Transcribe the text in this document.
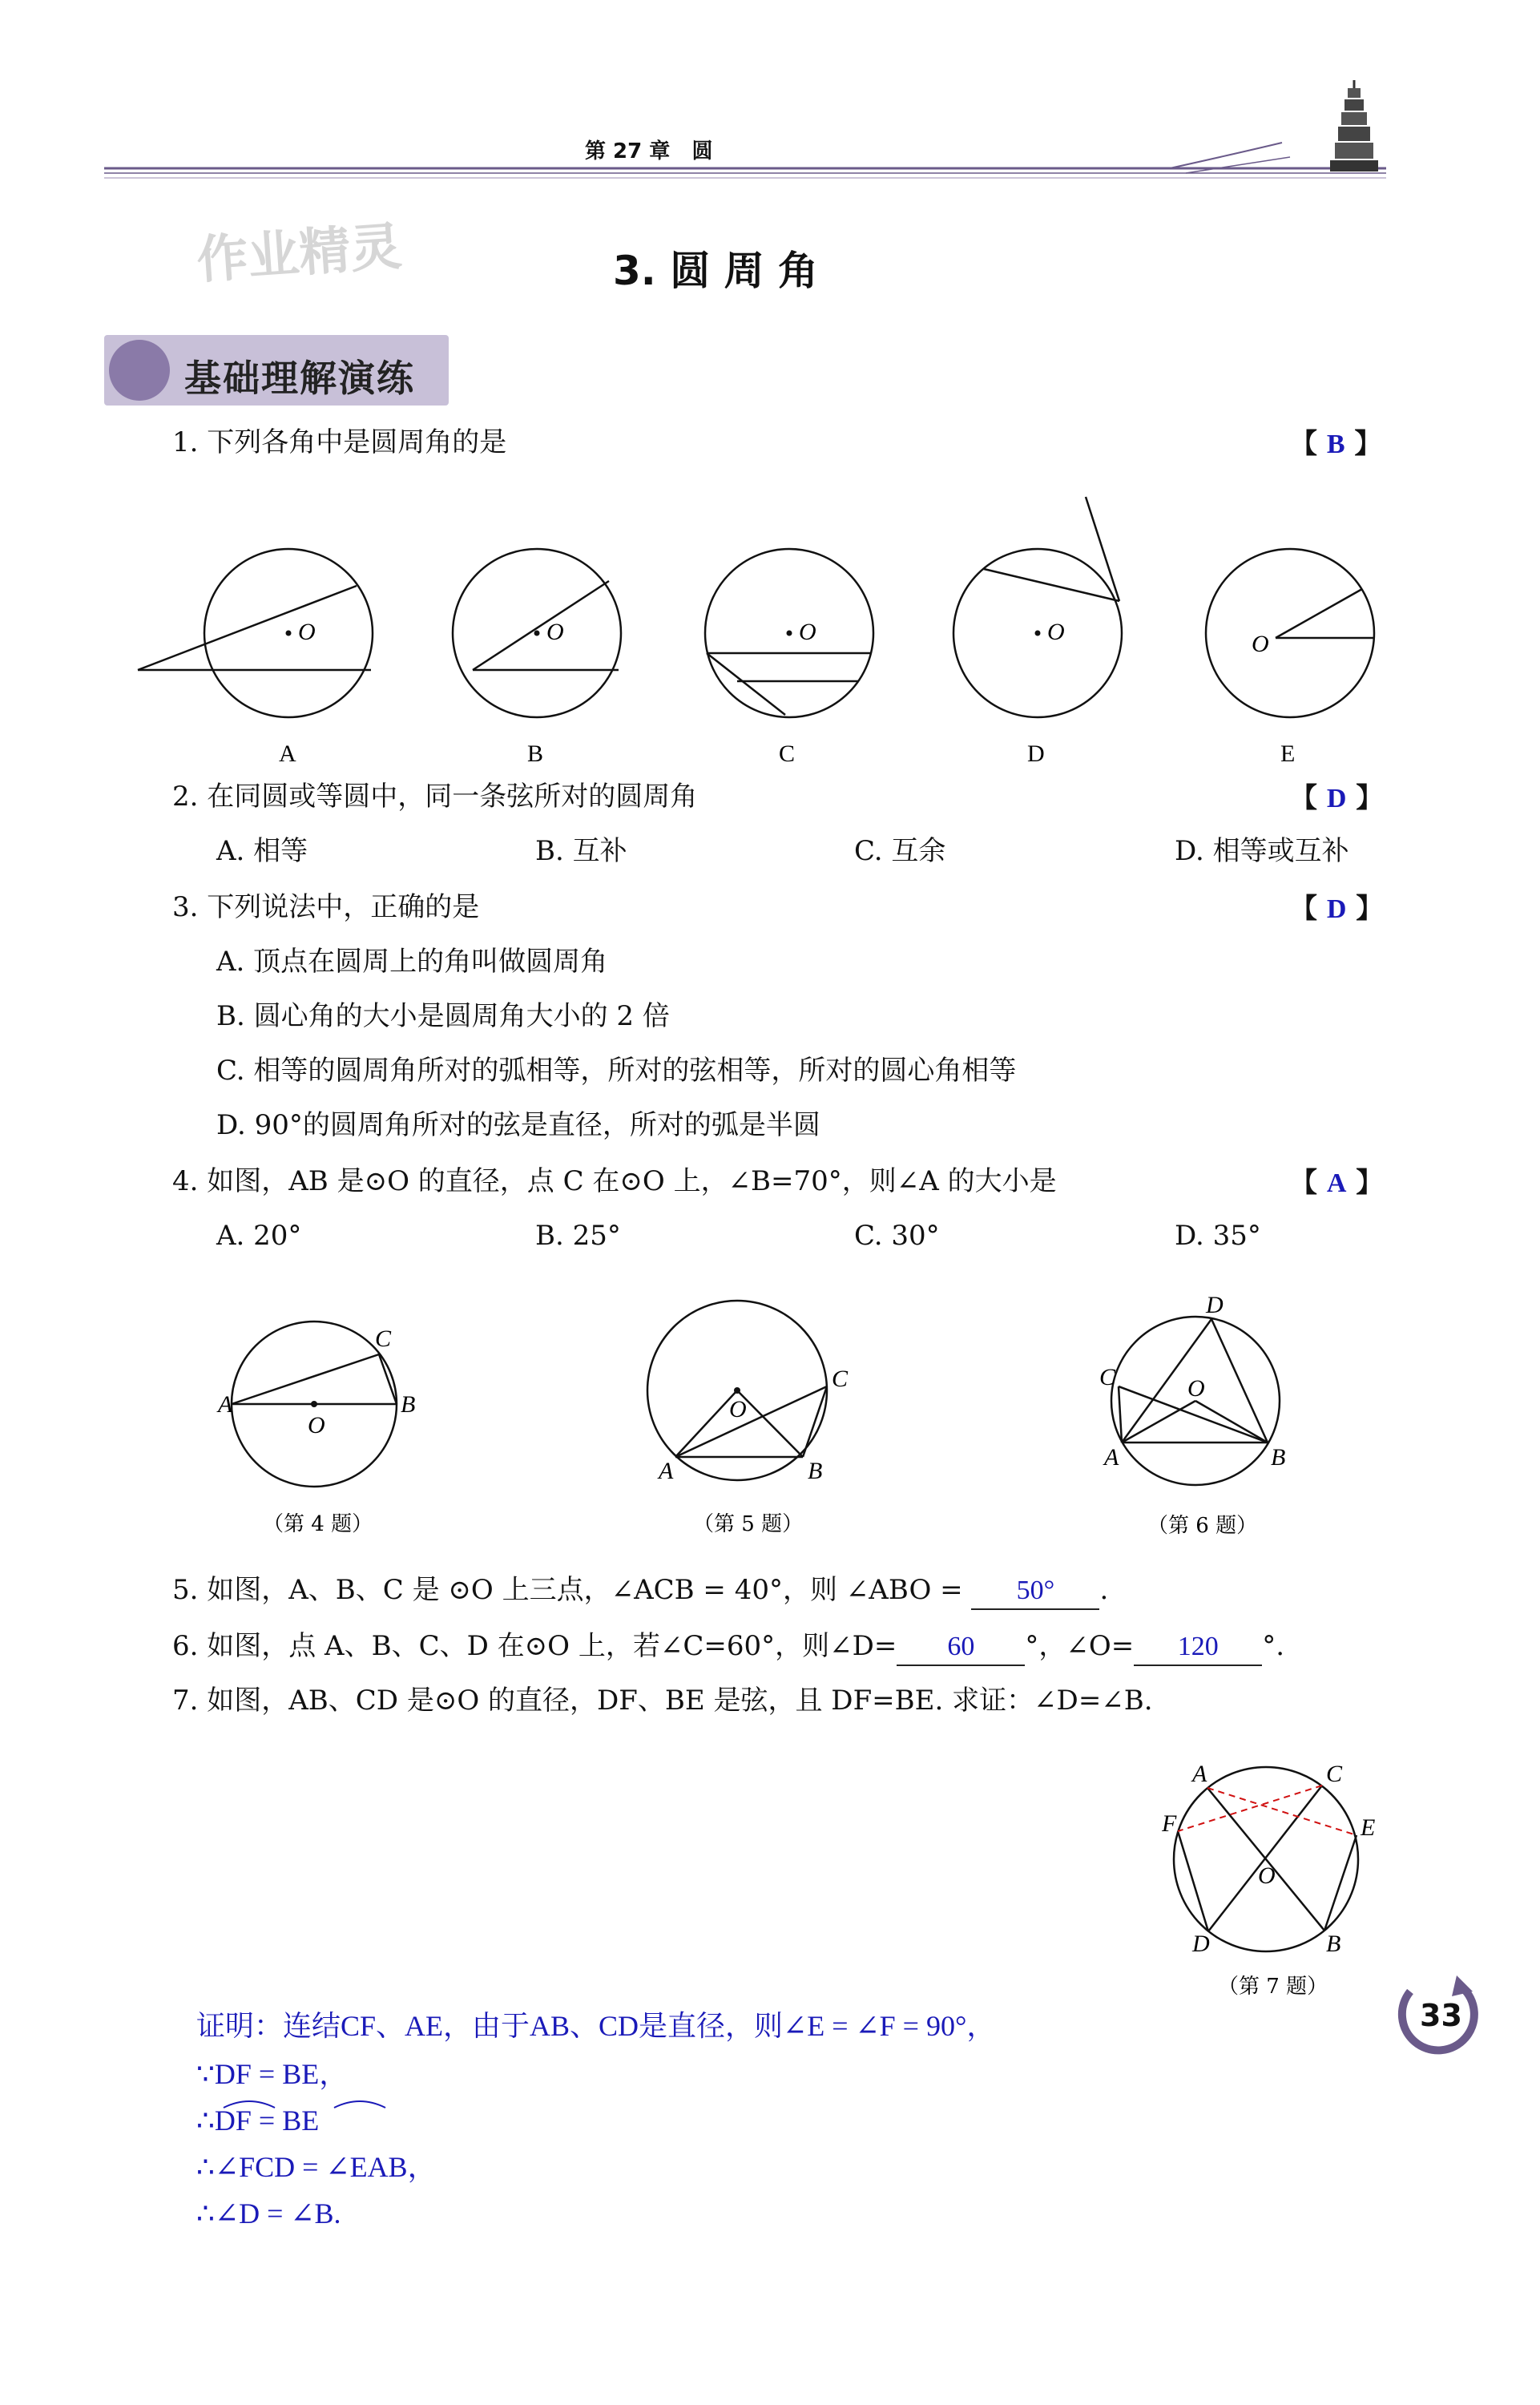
第 27 章   圆
作业精灵	3. 圆 周 角
基础理解演练
1. 下列各角中是圆周角的是	【 B 】
O
A
O
B
O
C
O
D
O
E
2. 在同圆或等圆中，同一条弦所对的圆周角	【 D 】
A. 相等	B. 互补	C. 互余	D. 相等或互补
3. 下列说法中，正确的是	【 D 】
A. 顶点在圆周上的角叫做圆周角
B. 圆心角的大小是圆周角大小的 2 倍
C. 相等的圆周角所对的弧相等，所对的弦相等，所对的圆心角相等
D. 90°的圆周角所对的弦是直径，所对的弧是半圆
4. 如图，AB 是⊙O 的直径，点 C 在⊙O 上，∠B=70°，则∠A 的大小是	【 A 】
A. 20°	B. 25°	C. 30°	D. 35°
A	B
C
O
（第 4 题）
A	B
C
O
（第 5 题）
A	B
C
D
O
（第 6 题）
5. 如图，A、B、C 是 ⊙O 上三点，∠ACB = 40°，则 ∠ABO = 50° .
6. 如图，点 A、B、C、D 在⊙O 上，若∠C=60°，则∠D= 60 °，∠O= 120 °.
7. 如图，AB、CD 是⊙O 的直径，DF、BE 是弦，且 DF=BE. 求证：∠D=∠B.
A	C
F	E
O
D	B
（第 7 题）
证明：连结CF、AE，由于AB、CD是直径，则∠E = ∠F = 90°，
∵DF = BE，
∴DF = BE
∴∠FCD = ∠EAB，
∴∠D = ∠B.
33
